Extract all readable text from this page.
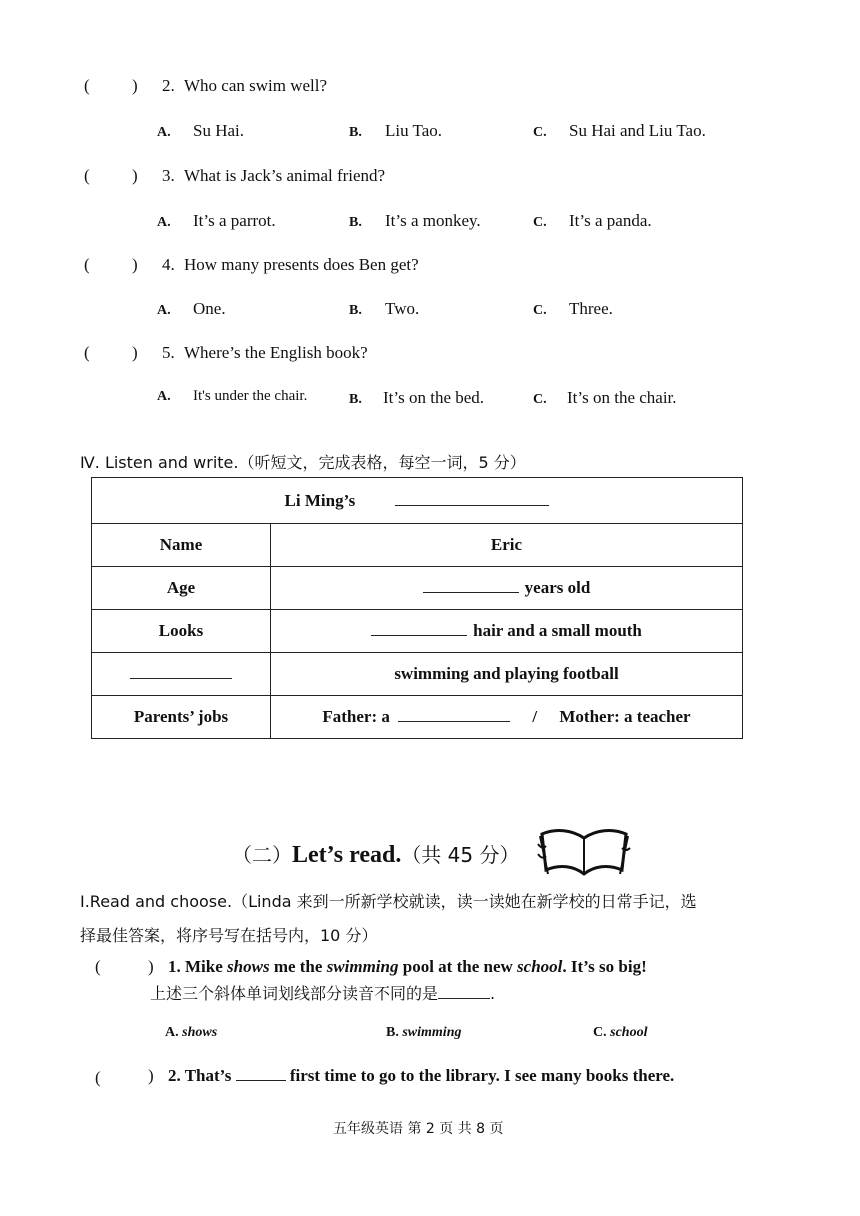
( ) 2. Who can swim well?
A. Su Hai.	B. Liu Tao.	C. Su Hai and Liu Tao.
( ) 3. What is Jack’s animal friend?
A. It’s a parrot.	B. It’s a monkey.	C. It’s a panda.
( ) 4. How many presents does Ben get?
A. One.	B. Two.	C. Three.
( ) 5. Where’s the English book?
A. It's under the chair.	B. It’s on the bed.	C. It’s on the chair.
Ⅳ. Listen and write.（听短文，完成表格，每空一词，5 分）
Li Ming’s	
Name	Eric
Age	years old
Looks	hair and a small mouth
	swimming and playing football
Parents’ jobs	Father: a / Mother: a teacher
（二）Let’s read.（共 45 分）
Ⅰ.Read and choose.（Linda 来到一所新学校就读，读一读她在新学校的日常手记，选
择最佳答案，将序号写在括号内，10 分）
(	) 1. Mike shows me the swimming pool at the new school. It’s so big!
上述三个斜体单词划线部分读音不同的是	.
A. shows	B. swimming	C. school
(	) 2. That’s	first time to go to the library. I see many books there.
五年级英语 第 2 页 共 8 页
